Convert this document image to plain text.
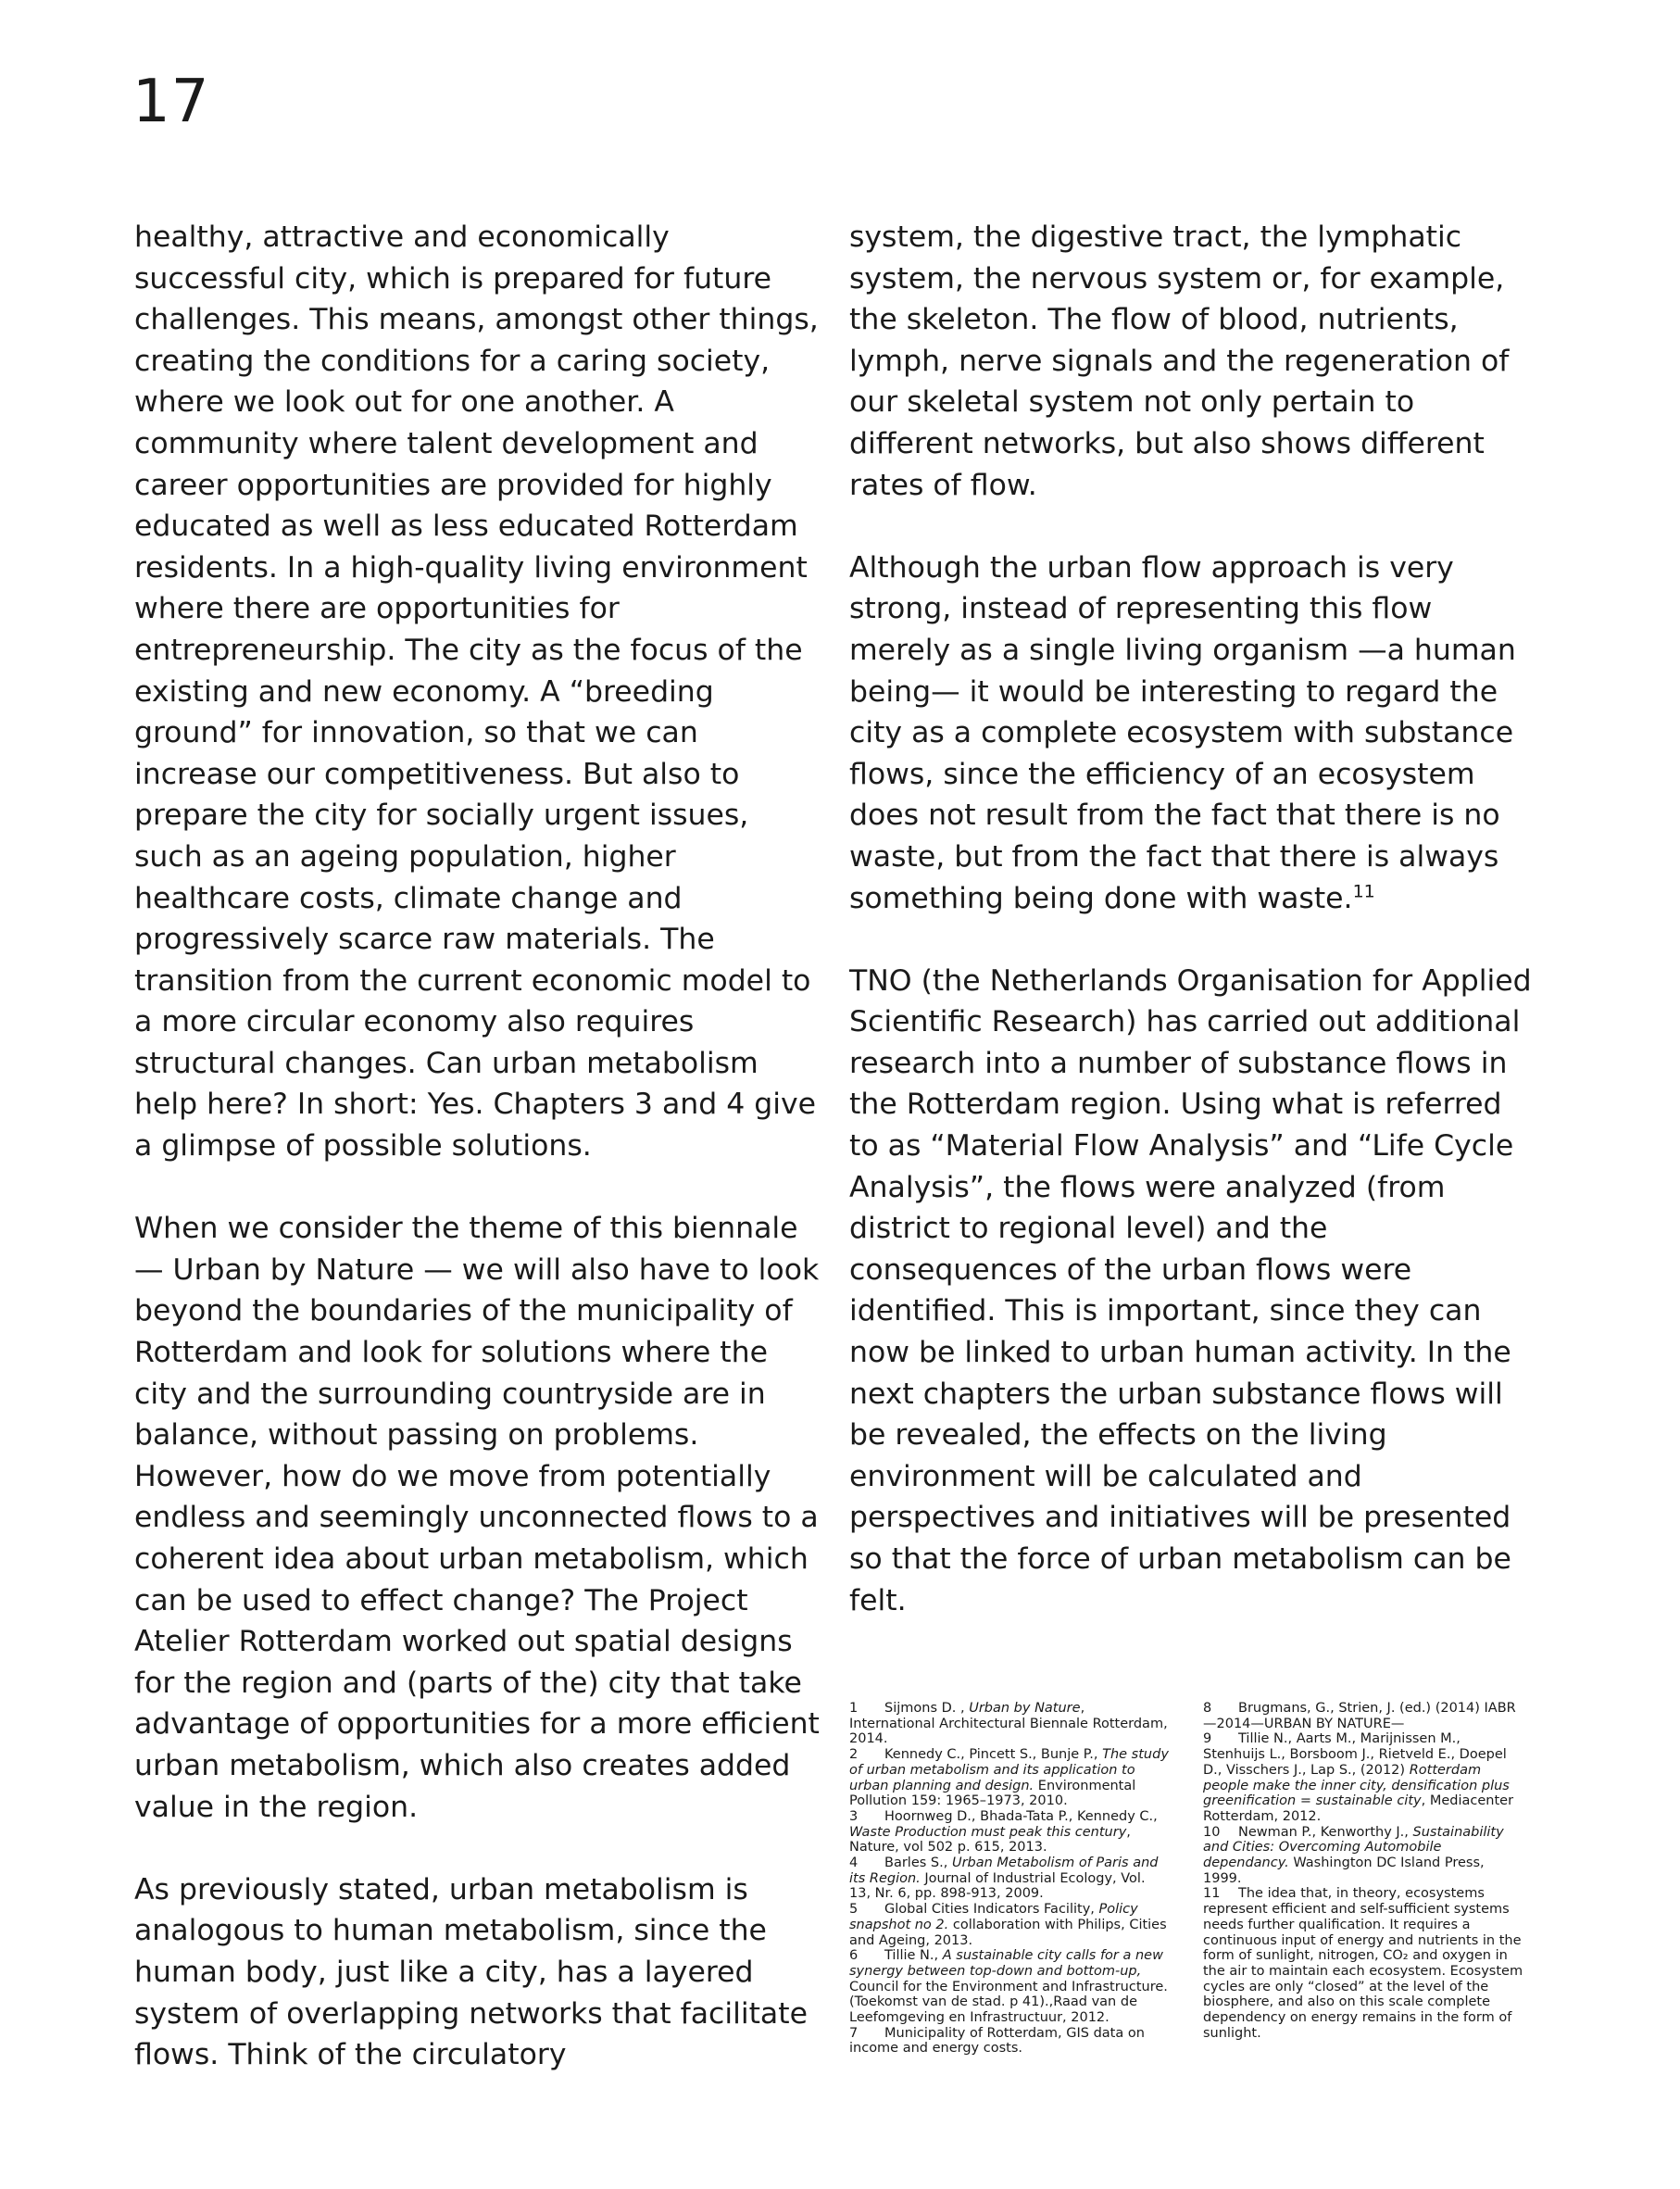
17

healthy, attractive and economically successful city, which is prepared for future challenges. This means, amongst other things, creating the conditions for a caring society, where we look out for one another. A community where talent development and career opportunities are provided for highly educated as well as less educated Rotterdam residents. In a high-quality living environment where there are opportunities for entrepreneurship. The city as the focus of the existing and new economy. A “breeding ground” for innovation, so that we can increase our competitiveness. But also to prepare the city for socially urgent issues, such as an ageing population, higher healthcare costs, climate change and progressively scarce raw materials. The transition from the current economic model to a more circular economy also requires structural changes. Can urban metabolism help here? In short: Yes. Chapters 3 and 4 give a glimpse of possible solutions.

When we consider the theme of this biennale — Urban by Nature — we will also have to look beyond the boundaries of the municipality of Rotterdam and look for solutions where the city and the surrounding countryside are in balance, without passing on problems. However, how do we move from potentially endless and seemingly unconnected flows to a coherent idea about urban metabolism, which can be used to effect change? The Project Atelier Rotterdam worked out spatial designs for the region and (parts of the) city that take advantage of opportunities for a more efficient urban metabolism, which also creates added value in the region.

As previously stated, urban metabolism is analogous to human metabolism, since the human body, just like a city, has a layered system of overlapping networks that facilitate flows. Think of the circulatory

system, the digestive tract, the lymphatic system, the nervous system or, for example, the skeleton. The flow of blood, nutrients, lymph, nerve signals and the regeneration of our skeletal system not only pertain to different networks, but also shows different rates of flow.

Although the urban flow approach is very strong, instead of representing this flow merely as a single living organism —a human being— it would be interesting to regard the city as a complete ecosystem with substance flows, since the efficiency of an ecosystem does not result from the fact that there is no waste, but from the fact that there is always something being done with waste.$^{11}$

TNO (the Netherlands Organisation for Applied Scientific Research) has carried out additional research into a number of substance flows in the Rotterdam region. Using what is referred to as “Material Flow Analysis” and “Life Cycle Analysis”, the flows were analyzed (from district to regional level) and the consequences of the urban flows were identified. This is important, since they can now be linked to urban human activity. In the next chapters the urban substance flows will be revealed, the effects on the living environment will be calculated and perspectives and initiatives will be presented so that the force of urban metabolism can be felt.

1 Sijmons D. , Urban by Nature, International Architectural Biennale Rotterdam, 2014.
2 Kennedy C., Pincett S., Bunje P., The study of urban metabolism and its application to urban planning and design. Environmental Pollution 159: 1965–1973, 2010.
3 Hoornweg D., Bhada-Tata P., Kennedy C., Waste Production must peak this century, Nature, vol 502 p. 615, 2013.
4 Barles S., Urban Metabolism of Paris and its Region. Journal of Industrial Ecology, Vol. 13, Nr. 6, pp. 898-913, 2009.
5 Global Cities Indicators Facility, Policy snapshot no 2. collaboration with Philips, Cities and Ageing, 2013.
6 Tillie N., A sustainable city calls for a new synergy between top-down and bottom-up, Council for the Environment and Infrastructure. (Toekomst van de stad. p 41).,Raad van de Leefomgeving en Infrastructuur, 2012.
7 Municipality of Rotterdam, GIS data on income and energy costs.
8 Brugmans, G., Strien, J. (ed.) (2014) IABR—2014—URBAN BY NATURE—
9 Tillie N., Aarts M., Marijnissen M., Stenhuijs L., Borsboom J., Rietveld E., Doepel D., Visschers J., Lap S., (2012) Rotterdam people make the inner city, densification plus greenification = sustainable city, Mediacenter Rotterdam, 2012.
10 Newman P., Kenworthy J., Sustainability and Cities: Overcoming Automobile dependancy. Washington DC Island Press, 1999.
11 The idea that, in theory, ecosystems represent efficient and self-sufficient systems needs further qualification. It requires a continuous input of energy and nutrients in the form of sunlight, nitrogen, CO₂ and oxygen in the air to maintain each ecosystem. Ecosystem cycles are only “closed” at the level of the biosphere, and also on this scale complete dependency on energy remains in the form of sunlight.
